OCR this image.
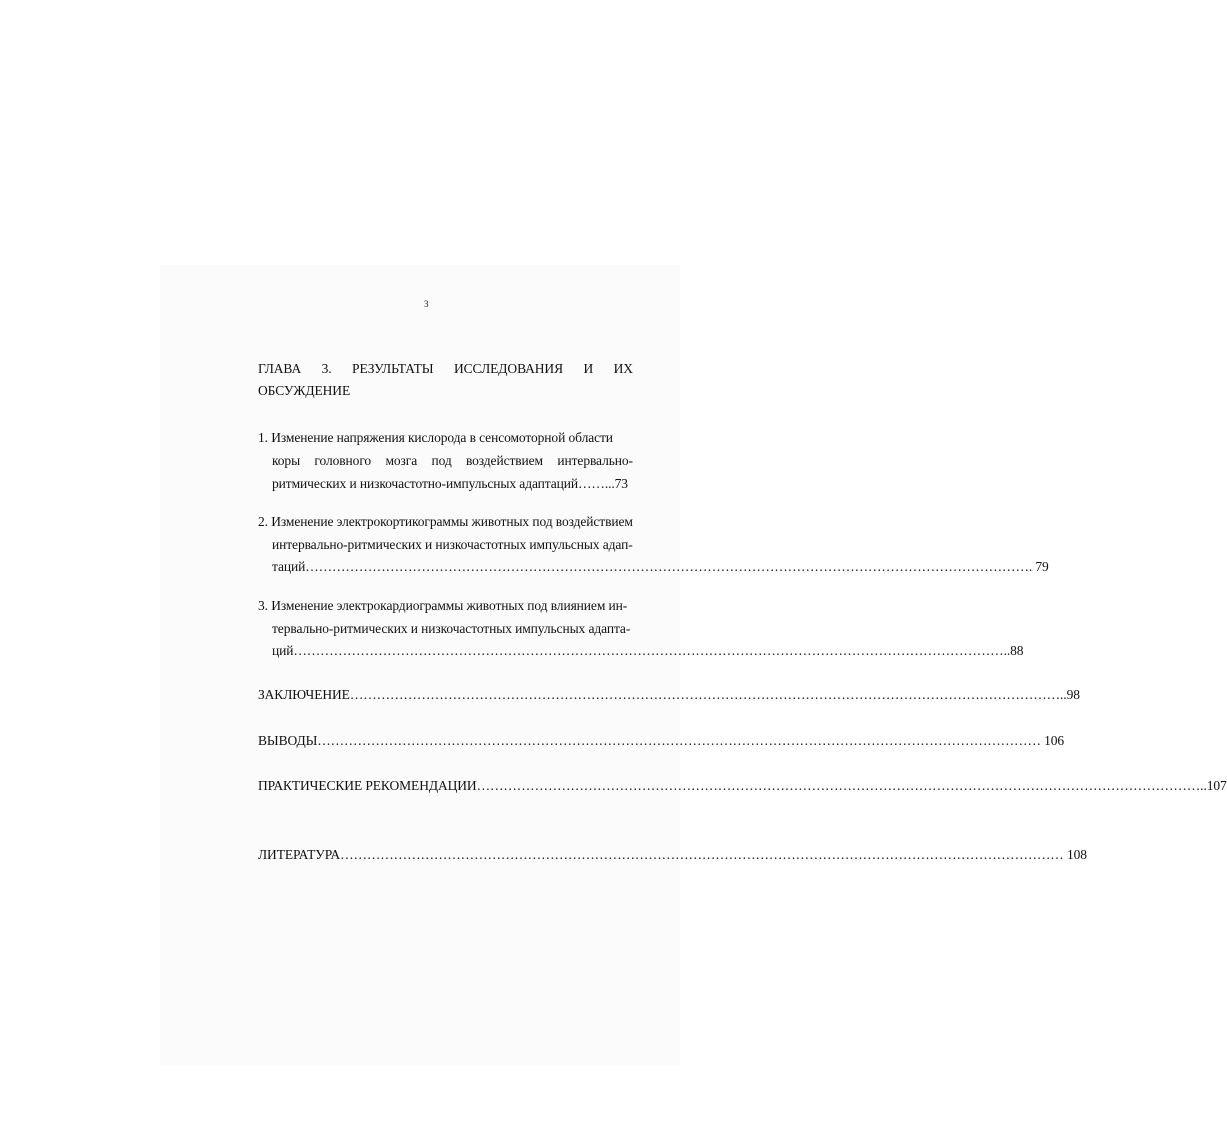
3
ГЛАВА 3. РЕЗУЛЬТАТЫ ИССЛЕДОВАНИЯ И ИХ
ОБСУЖДЕНИЕ
1. Изменение напряжения кислорода в сенсомоторной области
коры головного мозга под воздействием интервально-
ритмических и низкочастотно-импульсных адаптаций……...73
2. Изменение электрокортикограммы животных под воздействием
интервально-ритмических и низкочастотных импульсных адап-
таций …………………………………………………………………………………………………………………………………………… …. 79
3. Изменение электрокардиограммы животных под влиянием ин-
тервально-ритмических и низкочастотных импульсных адапта-
ций …………………………………………………………………………………………………………………………………………… ..88
ЗАКЛЮЧЕНИЕ …………………………………………………………………………………………………………………………………………… ..98
ВЫВОДЫ …………………………………………………………………………………………………………………………………………… … 106
ПРАКТИЧЕСКИЕ РЕКОМЕНДАЦИИ …………………………………………………………………………………………………………………………………………… …..107
ЛИТЕРАТУРА …………………………………………………………………………………………………………………………………………… … 108
